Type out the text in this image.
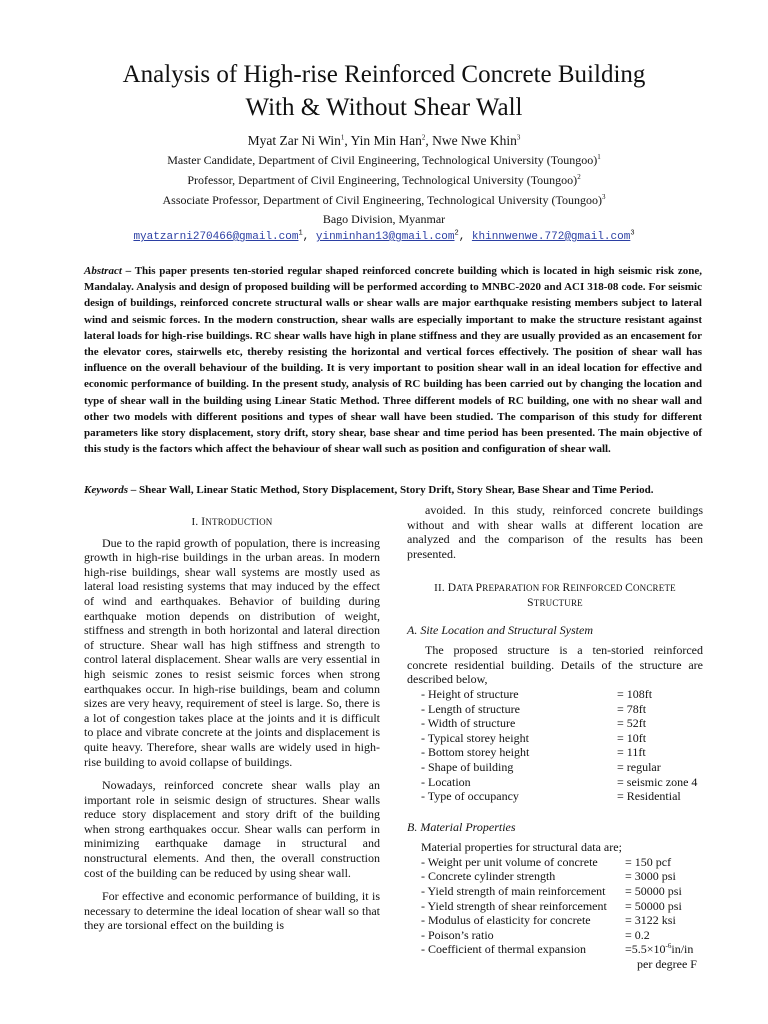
Analysis of High-rise Reinforced Concrete Building
With & Without Shear Wall
Myat Zar Ni Win$^1$, Yin Min Han$^2$, Nwe Nwe Khin$^3$
Master Candidate, Department of Civil Engineering, Technological University (Toungoo)$^1$
Professor, Department of Civil Engineering, Technological University (Toungoo)$^2$
Associate Professor, Department of Civil Engineering, Technological University (Toungoo)$^3$
Bago Division, Myanmar
myatzarni270466@gmail.com$^1$, yinminhan13@gmail.com$^2$, khinnwenwe.772@gmail.com$^3$
Abstract – This paper presents ten-storied regular shaped reinforced concrete building which is located in high seismic risk zone, Mandalay. Analysis and design of proposed building will be performed according to MNBC-2020 and ACI 318-08 code. For seismic design of buildings, reinforced concrete structural walls or shear walls are major earthquake resisting members subject to lateral wind and seismic forces. In the modern construction, shear walls are especially important to make the structure resistant against lateral loads for high-rise buildings. RC shear walls have high in plane stiffness and they are usually provided as an encasement for the elevator cores, stairwells etc, thereby resisting the horizontal and vertical forces effectively. The position of shear wall has influence on the overall behaviour of the building. It is very important to position shear wall in an ideal location for effective and economic performance of building. In the present study, analysis of RC building has been carried out by changing the location and type of shear wall in the building using Linear Static Method. Three different models of RC building, one with no shear wall and other two models with different positions and types of shear wall have been studied. The comparison of this study for different parameters like story displacement, story drift, story shear, base shear and time period has been presented. The main objective of this study is the factors which affect the behaviour of shear wall such as position and configuration of shear wall.
Keywords – Shear Wall, Linear Static Method, Story Displacement, Story Drift, Story Shear, Base Shear and Time Period.
I. INTRODUCTION

Due to the rapid growth of population, there is increasing growth in high-rise buildings in the urban areas. In modern high-rise buildings, shear wall systems are mostly used as lateral load resisting systems that may induced by the effect of wind and earthquakes. Behavior of building during earthquake motion depends on distribution of weight, stiffness and strength in both horizontal and lateral direction of structure. Shear wall has high stiffness and strength to control lateral displacement. Shear walls are very essential in high seismic zones to resist seismic forces when strong earthquakes occur. In high-rise buildings, beam and column sizes are very heavy, requirement of steel is large. So, there is a lot of congestion takes place at the joints and it is difficult to place and vibrate concrete at the joints and displacement is quite heavy. Therefore, shear walls are widely used in high-rise building to avoid collapse of buildings.

Nowadays, reinforced concrete shear walls play an important role in seismic design of structures. Shear walls reduce story displacement and story drift of the building when strong earthquakes occur. Shear walls can perform in minimizing earthquake damage in structural and nonstructural elements. And then, the overall construction cost of the building can be reduced by using shear wall.

For effective and economic performance of building, it is necessary to determine the ideal location of shear wall so that they are torsional effect on the building is

avoided. In this study, reinforced concrete buildings without and with shear walls at different location are analyzed and the comparison of the results has been presented.

II. DATA PREPARATION FOR REINFORCED CONCRETE
STRUCTURE
A. Site Location and Structural System

The proposed structure is a ten-storied reinforced concrete residential building. Details of the structure are described below,

- Height of structure	= 108ft
- Length of structure	= 78ft
- Width of structure	= 52ft
- Typical storey height	= 10ft
- Bottom storey height	= 11ft
- Shape of building	= regular
- Location	= seismic zone 4
- Type of occupancy	= Residential
B. Material Properties

Material properties for structural data are;

- Weight per unit volume of concrete	= 150 pcf
- Concrete cylinder strength	= 3000 psi
- Yield strength of main reinforcement	= 50000 psi
- Yield strength of shear reinforcement	= 50000 psi
- Modulus of elasticity for concrete	= 3122 ksi
- Poison’s ratio	= 0.2
- Coefficient of thermal expansion	$=5.5\times 10^{-6}in/in$
per degree F
